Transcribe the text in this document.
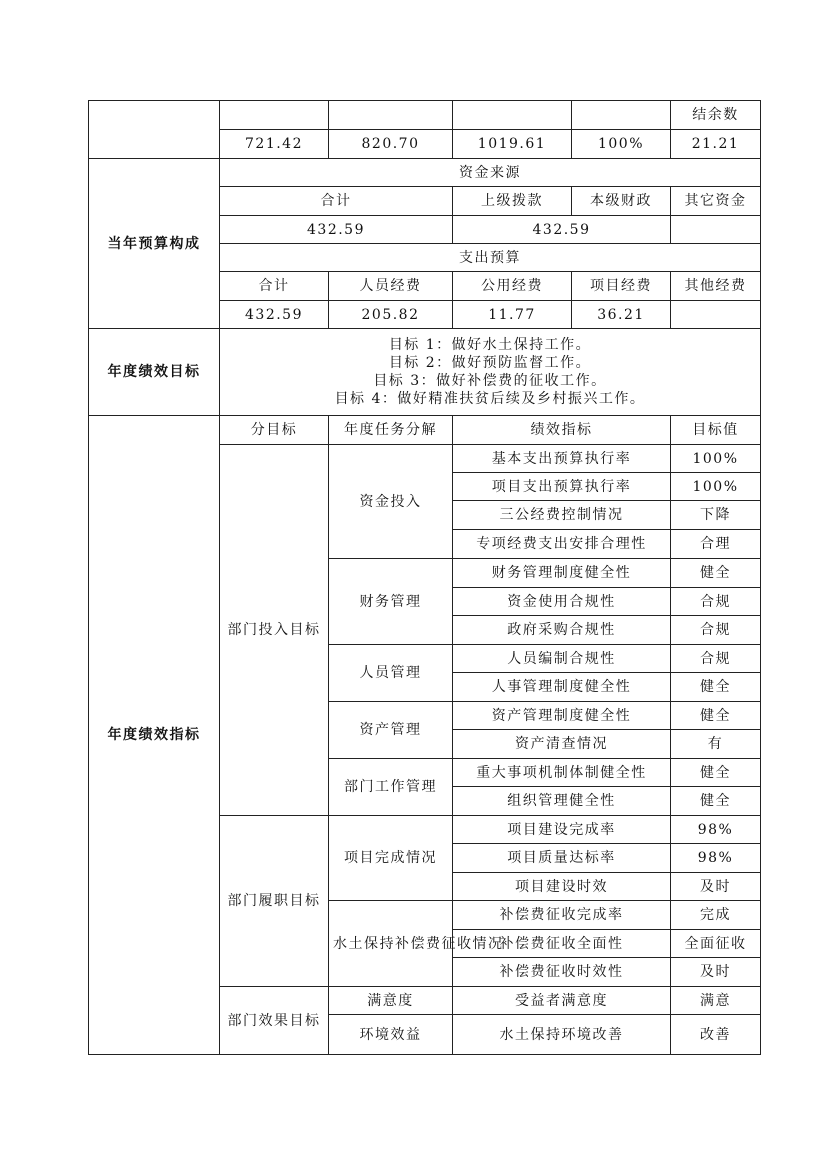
					结余数
	721.42	820.70	1019.61	100%	21.21
当年预算构成	资金来源				
	合计		上级拨款	本级财政	其它资金
	432.59		432.59		
	支出预算				
	合计	人员经费	公用经费	项目经费	其他经费
	432.59	205.82	11.77	36.21	
年度绩效目标	目标 1：做好水土保持工作。
目标 2：做好预防监督工作。
目标 3：做好补偿费的征收工作。
目标 4：做好精准扶贫后续及乡村振兴工作。				

年度绩效指标	分目标	年度任务分解	绩效指标		目标值
	部门投入目标	资金投入	基本支出预算执行率		100%
			项目支出预算执行率		100%
			三公经费控制情况		下降
			专项经费支出安排合理性		合理
		财务管理	财务管理制度健全性		健全
			资金使用合规性		合规
			政府采购合规性		合规
		人员管理	人员编制合规性		合规
			人事管理制度健全性		健全
		资产管理	资产管理制度健全性		健全
			资产清查情况		有
		部门工作管理	重大事项机制体制健全性		健全
			组织管理健全性		健全
	部门履职目标	项目完成情况	项目建设完成率		98%
			项目质量达标率		98%
			项目建设时效		及时
		水土保持补偿费征收情况	补偿费征收完成率		完成
			补偿费征收全面性		全面征收
			补偿费征收时效性		及时
	部门效果目标	满意度	受益者满意度		满意
		环境效益	水土保持环境改善		改善
